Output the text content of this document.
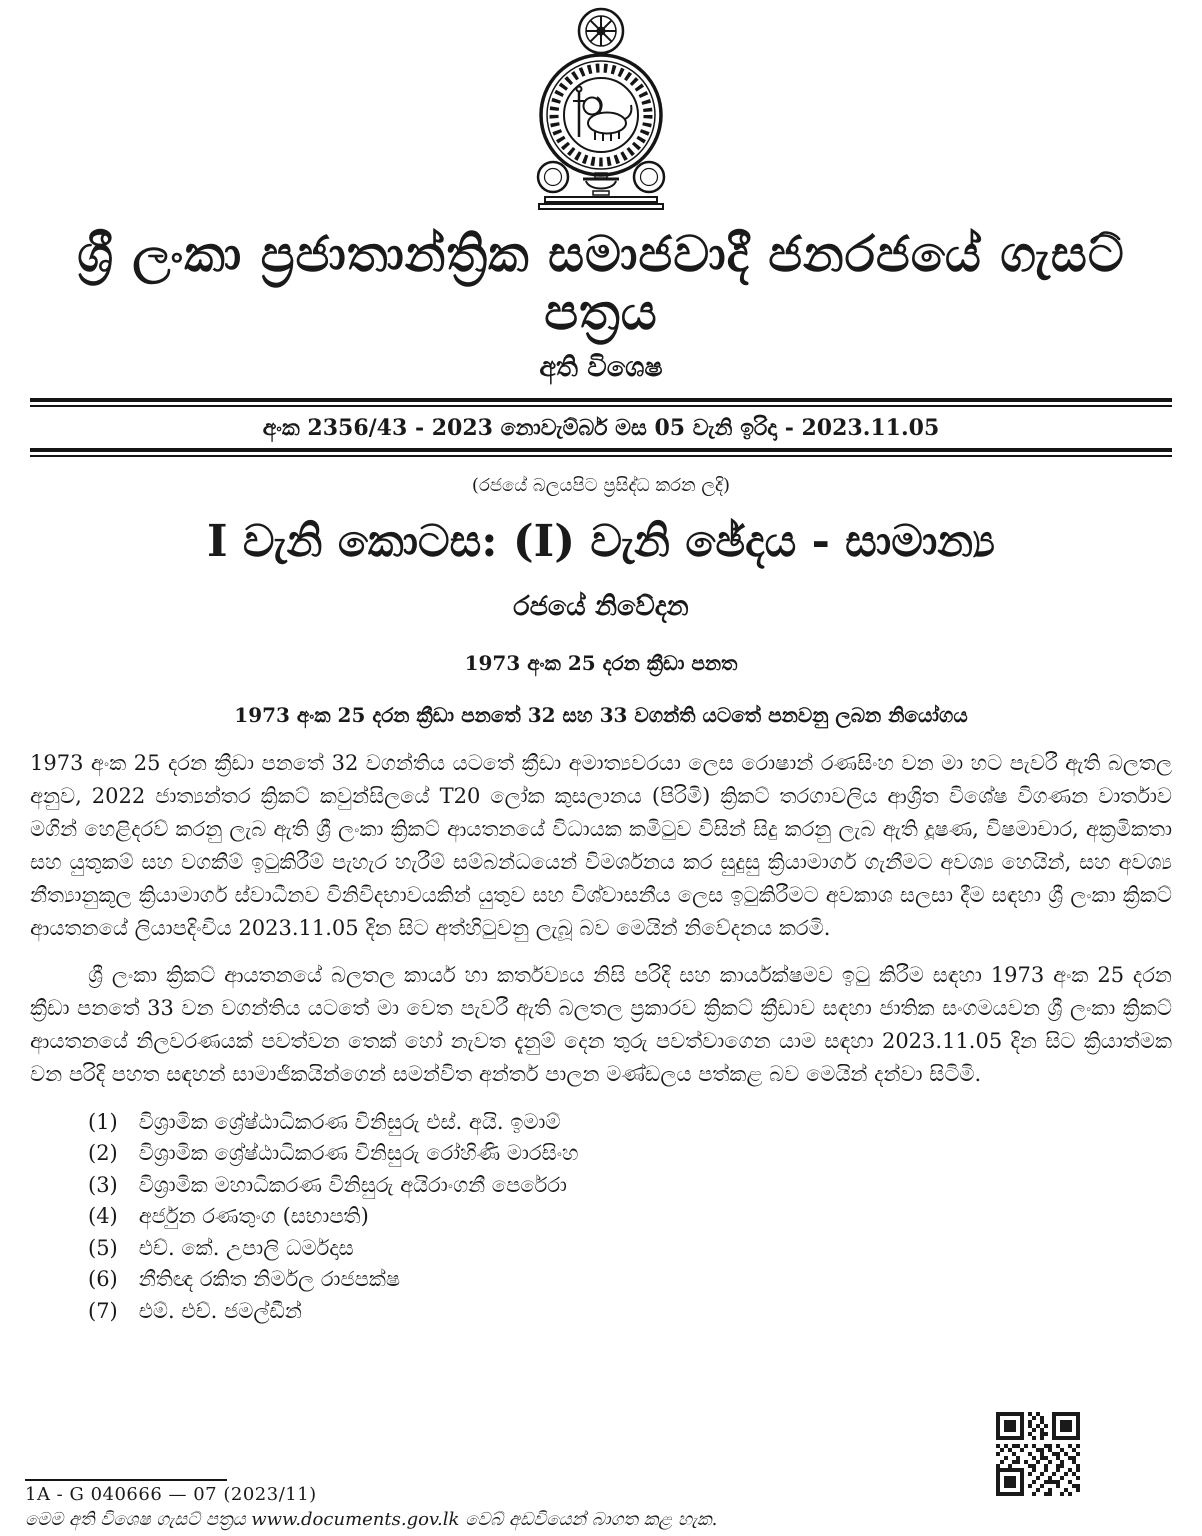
ශ්‍රී ලංකා ප්‍රජාතාන්ත්‍රික සමාජවාදී ජනරජයේ ගැසට් පත්‍රය
අති විශෙෂ
අංක 2356/43 - 2023 නොවැම්බර් මස 05 වැනි ඉරිදා - 2023.11.05
(රජයේ බලයපිට ප්‍රසිද්ධ කරන ලදි)
I වැනි කොටස: (I) වැනි ඡේදය - සාමාන්‍ය
රජයේ නිවේදන
1973 අංක 25 දරන ක්‍රීඩා පනත
1973 අංක 25 දරන ක්‍රීඩා පනතේ 32 සහ 33 වගන්ති යටතේ පනවනු ලබන නියෝගය

1973 අංක 25 දරන ක්‍රීඩා පනතේ 32 වගන්තිය යටතේ ක්‍රීඩා අමාත්‍යවරයා ලෙස රොෂාන් රණසිංහ වන මා හට පැවරී ඇති බලතල අනුව, 2022 ජාත්‍යන්තර ක්‍රිකට් කවුන්සිලයේ T20 ලෝක කුසලානය (පිරිමි) ක්‍රිකට් තරගාවලිය ආශ්‍රිත විශේෂ විගණන වාර්තාව මගින් හෙළිදරව් කරනු ලැබ ඇති ශ්‍රී ලංකා ක්‍රිකට් ආයතනයේ විධායක කමිටුව විසින් සිදු කරනු ලැබ ඇති දූෂණ, විෂමාචාර, අක්‍රමිකතා සහ යුතුකම් සහ වගකීම් ඉටුකිරීම් පැහැර හැරීම් සම්බන්ධයෙන් විමර්ශනය කර සුදුසු ක්‍රියාමාර්ග ගැනීමට අවශ්‍ය හෙයින්, සහ අවශ්‍ය නීත්‍යානුකූල ක්‍රියාමාර්ග ස්වාධීනව විනිවිදභාවයකින් යුතුව සහ විශ්වාසනීය ලෙස ඉටුකිරීමට අවකාශ සලසා දීම සඳහා ශ්‍රී ලංකා ක්‍රිකට් ආයතනයේ ලියාපදිංචිය 2023.11.05 දින සිට අත්හිටුවනු ලැබූ බව මෙයින් නිවේදනය කරමි.

ශ්‍රී ලංකා ක්‍රිකට් ආයතනයේ බලතල කාර්ය හා කර්තව්‍යය නිසි පරිදි සහ කාර්යක්ෂමව ඉටු කිරීම සඳහා 1973 අංක 25 දරන ක්‍රීඩා පනතේ 33 වන වගන්තිය යටතේ මා වෙත පැවරී ඇති බලතල ප්‍රකාරව ක්‍රිකට් ක්‍රීඩාව සඳහා ජාතික සංගමයවන ශ්‍රී ලංකා ක්‍රිකට් ආයතනයේ නිලවරණයක් පවත්වන තෙක් හෝ නැවත දැනුම් දෙන තුරු පවත්වාගෙන යාම සඳහා 2023.11.05 දින සිට ක්‍රියාත්මක වන පරිදි පහත සඳහන් සාමාජිකයින්ගෙන් සමන්විත අන්තර් පාලන මණ්ඩලය පත්කළ බව මෙයින් දන්වා සිටිමි.

(1) විශ්‍රාමික ශ්‍රේෂ්ඨාධිකරණ විනිසුරු එස්. අයි. ඉමාම්
(2) විශ්‍රාමික ශ්‍රේෂ්ඨාධිකරණ විනිසුරු රෝහිණි මාරසිංහ
(3) විශ්‍රාමික මහාධිකරණ විනිසුරු අයිරාංගනී පෙරේරා
(4) අර්ජුන රණතුංග (සභාපති)
(5) එච්. කේ. උපාලි ධර්මදාස
(6) නීතිඥ රකිත නිර්මල රාජපක්ෂ
(7) එම්. එච්. ජමල්ඩීන්
1A - G 040666 — 07 (2023/11)
මෙම අති විශෙෂ ගැසට් පත්‍රය www.documents.gov.lk වෙබ් අඩවියෙන් බාගත කළ හැක.
